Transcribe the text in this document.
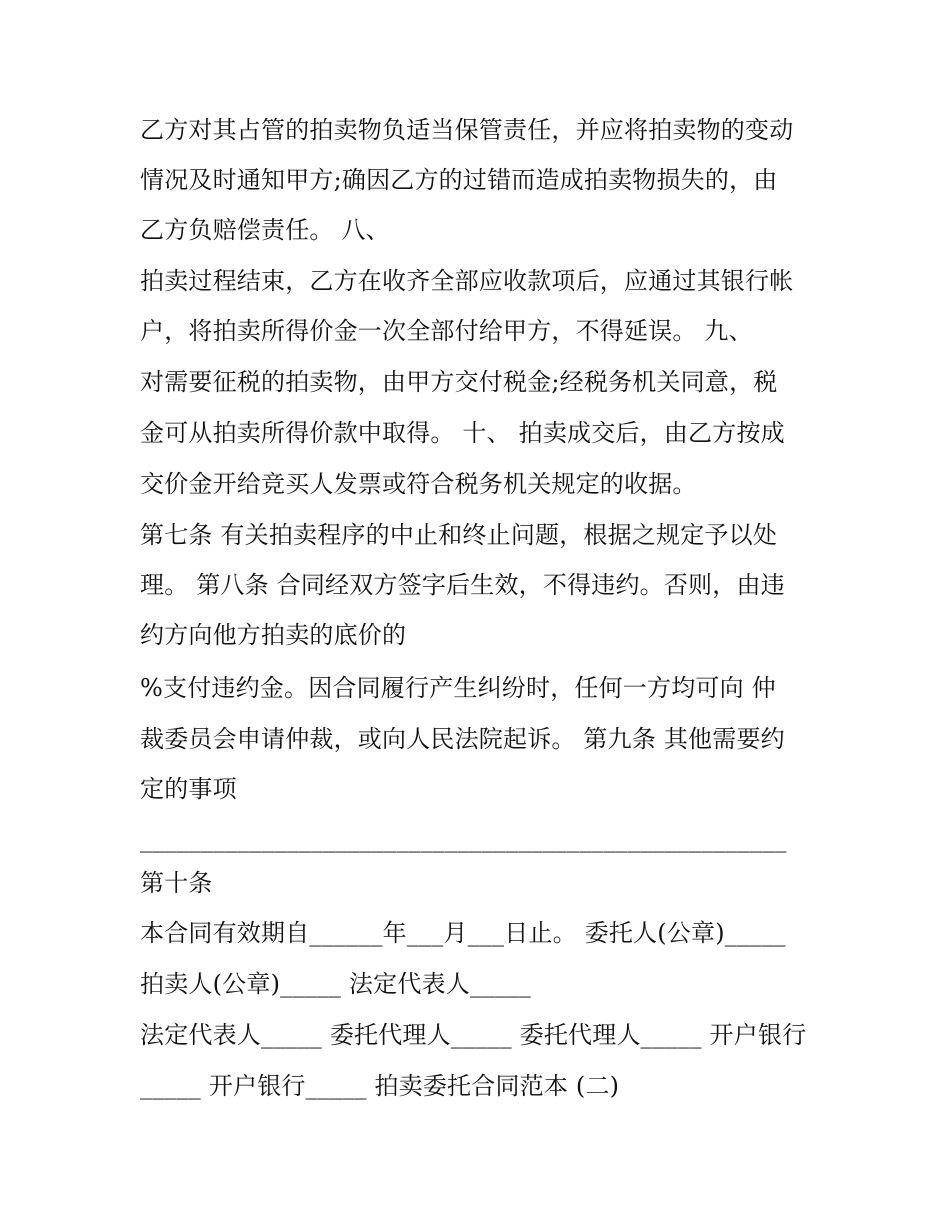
乙方对其占管的拍卖物负适当保管责任，并应将拍卖物的变动

情况及时通知甲方;确因乙方的过错而造成拍卖物损失的，由

乙方负赔偿责任。 八、

拍卖过程结束，乙方在收齐全部应收款项后，应通过其银行帐

户，将拍卖所得价金一次全部付给甲方，不得延误。 九、

对需要征税的拍卖物，由甲方交付税金;经税务机关同意，税

金可从拍卖所得价款中取得。 十、 拍卖成交后，由乙方按成

交价金开给竞买人发票或符合税务机关规定的收据。

第七条 有关拍卖程序的中止和终止问题，根据之规定予以处

理。 第八条 合同经双方签字后生效，不得违约。否则，由违

约方向他方拍卖的底价的

%支付违约金。因合同履行产生纠纷时，任何一方均可向 仲

裁委员会申请仲裁，或向人民法院起诉。 第九条 其他需要约

定的事项

_____________________________________________________

第十条

本合同有效期自______年___月___日止。 委托人(公章)_____

拍卖人(公章)_____ 法定代表人_____

法定代表人_____ 委托代理人_____ 委托代理人_____ 开户银行

_____ 开户银行_____ 拍卖委托合同范本 (二)
